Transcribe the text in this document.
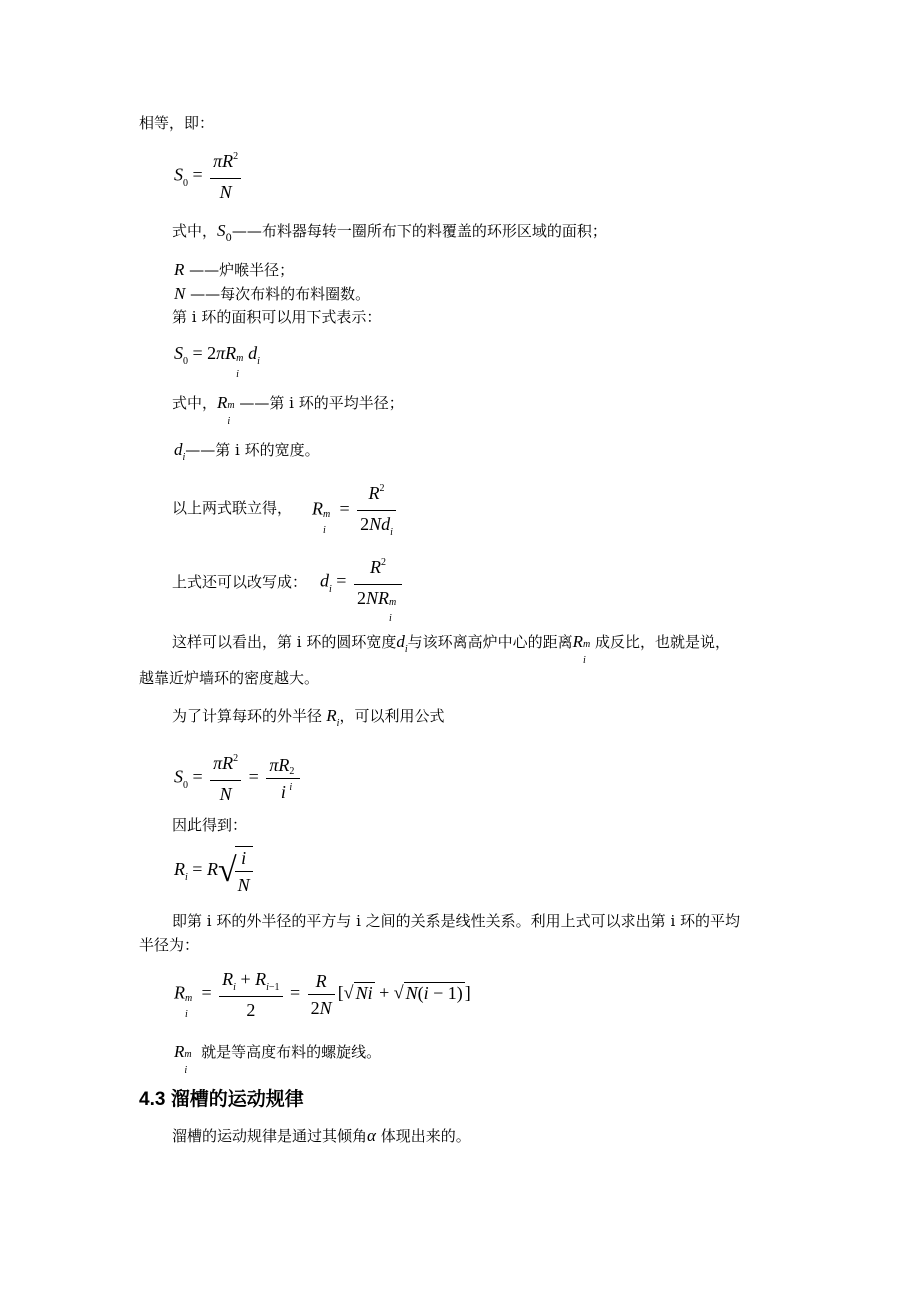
相等，即：
$S_0 = \frac{\pi R^2}{N}$
式中，$S_0——$布料器每转一圈所布下的料覆盖的环形区域的面积；
R ——炉喉半径；
N ——每次布料的布料圈数。
第 i 环的面积可以用下式表示：
$S_0 = 2\pi R$ m
i
$d_i$
式中，R m
i
——第 i 环的平均半径；
$d_i——$第 i 环的宽度。
以上两式联立得， R m
i
= $\frac{R^2}{2Nd_i}$
上式还可以改写成： $d_i = R^2$
2NR m
i
这样可以看出，第 i 环的圆环宽度$d_i$与该环离高炉中心的距离R m
i
成反比，也就是说，
越靠近炉墙环的密度越大。
为了计算每环的外半径 $R_i$，可以利用公式
$S_0 = \frac{\pi R^2}{N} = \pi R$ 2
i
i
因此得到：
$R_i = R√$
$\frac{i}{N}$
即第 i 环的外半径的平方与 i 之间的关系是线性关系。利用上式可以求出第 i 环的平均
半径为：
R m
i
= $\frac{R_i + R_{i-1}}{2} = \frac{R}{2N}$ [√ Ni + √ N(i − 1) ]
R m
i
就是等高度布料的螺旋线。
4.3 溜槽的运动规律
溜槽的运动规律是通过其倾角α 体现出来的。
